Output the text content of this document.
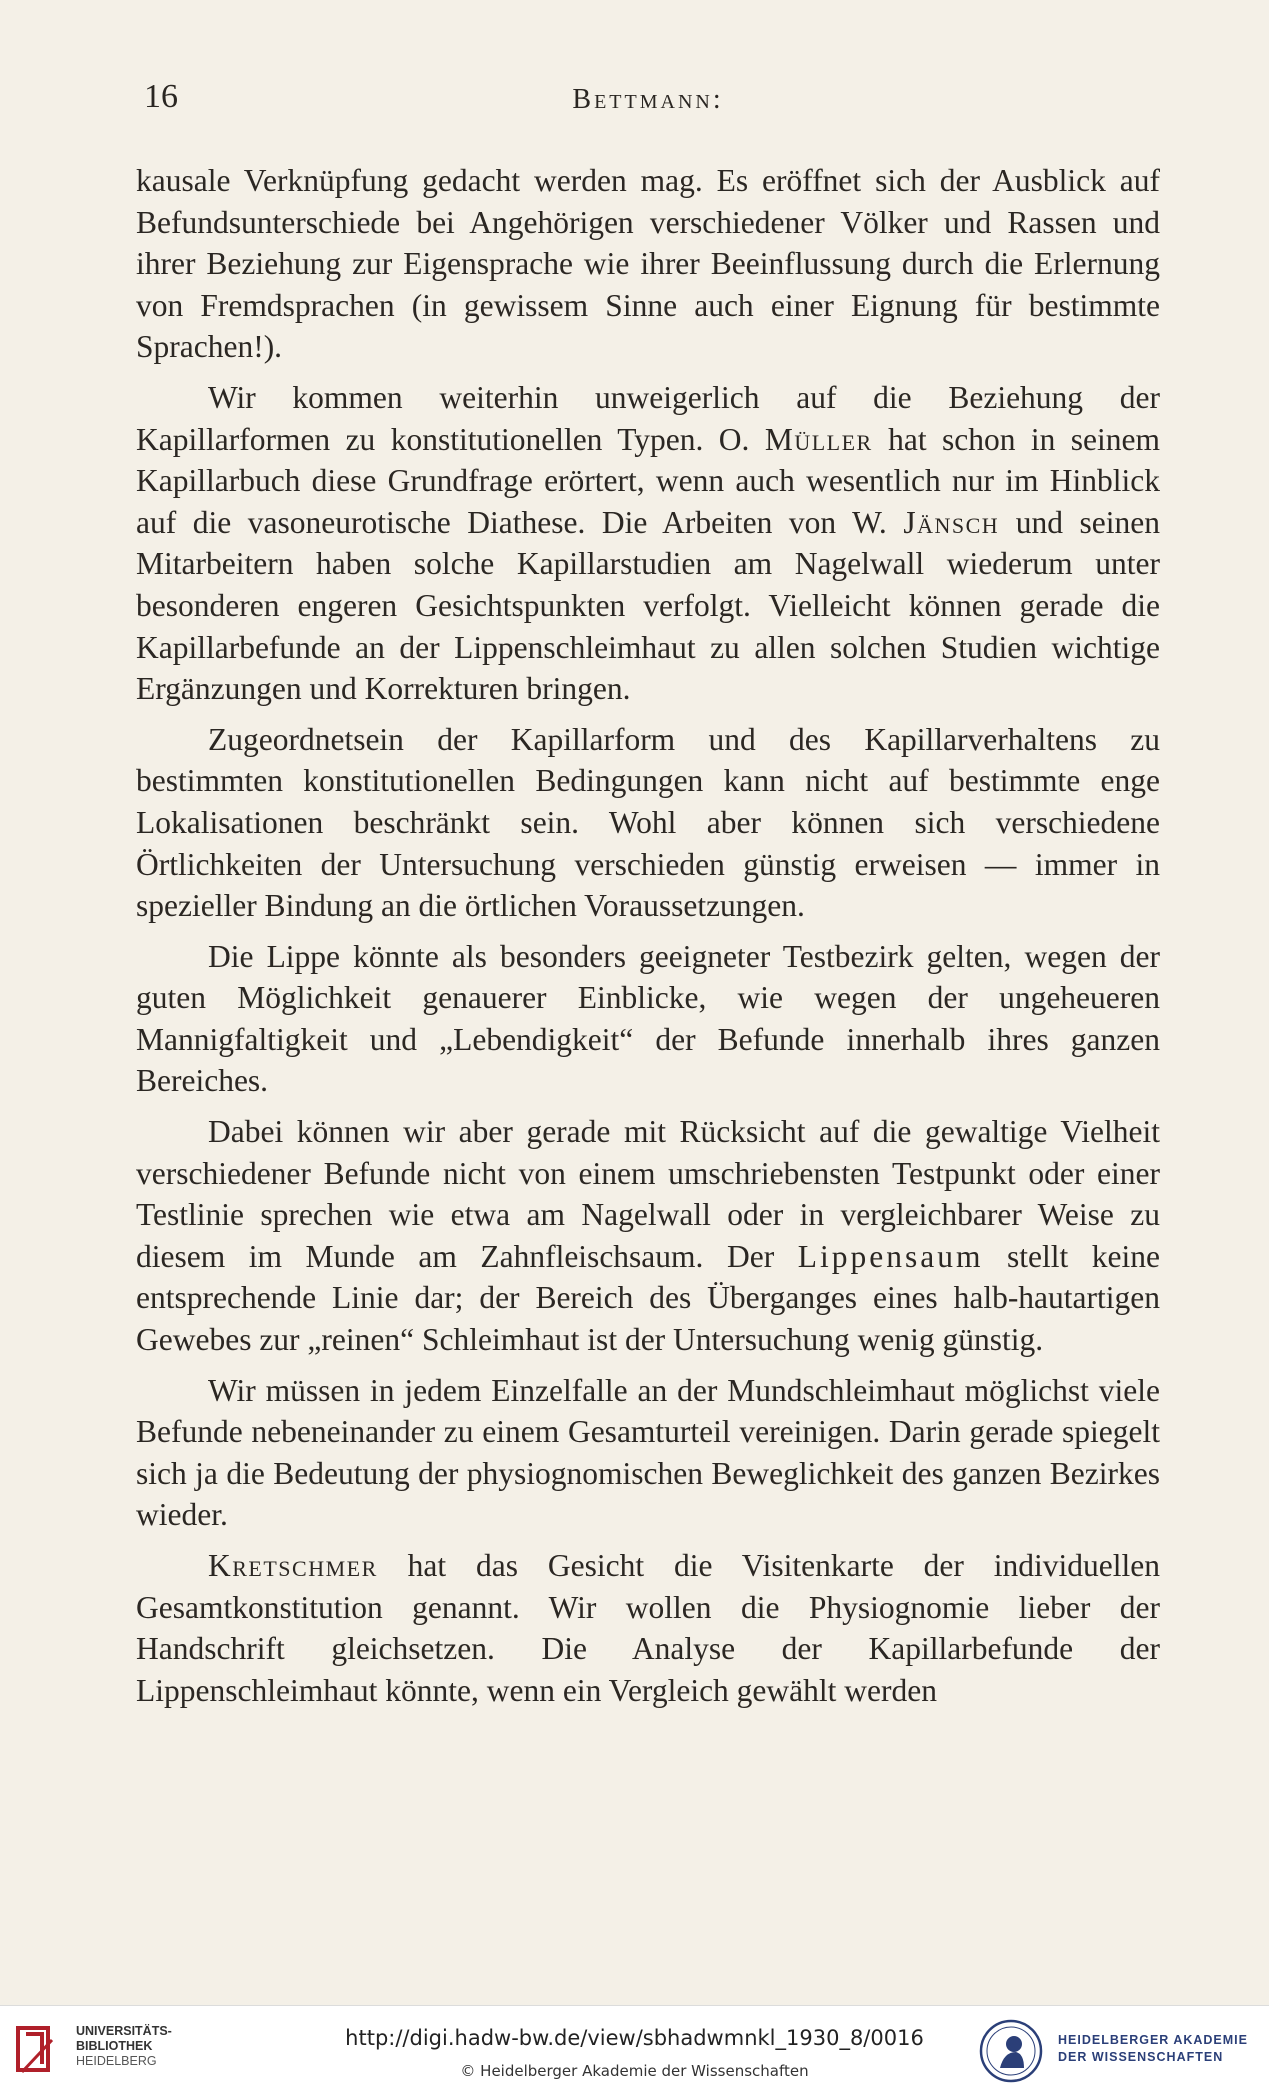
16	Bettmann:

kausale Verknüpfung gedacht werden mag. Es eröffnet sich der Ausblick auf Befundsunterschiede bei Angehörigen verschiedener Völker und Rassen und ihrer Beziehung zur Eigensprache wie ihrer Beeinflussung durch die Erlernung von Fremdsprachen (in gewissem Sinne auch einer Eignung für bestimmte Sprachen!).

Wir kommen weiterhin unweigerlich auf die Beziehung der Kapillarformen zu konstitutionellen Typen. O. Müller hat schon in seinem Kapillarbuch diese Grundfrage erörtert, wenn auch wesentlich nur im Hinblick auf die vasoneurotische Diathese. Die Arbeiten von W. Jänsch und seinen Mitarbeitern haben solche Kapillarstudien am Nagelwall wiederum unter besonderen engeren Gesichtspunkten verfolgt. Vielleicht können gerade die Kapillarbefunde an der Lippenschleimhaut zu allen solchen Studien wichtige Ergänzungen und Korrekturen bringen.

Zugeordnetsein der Kapillarform und des Kapillarverhaltens zu bestimmten konstitutionellen Bedingungen kann nicht auf bestimmte enge Lokalisationen beschränkt sein. Wohl aber können sich verschiedene Örtlichkeiten der Untersuchung verschieden günstig erweisen — immer in spezieller Bindung an die örtlichen Voraussetzungen.

Die Lippe könnte als besonders geeigneter Testbezirk gelten, wegen der guten Möglichkeit genauerer Einblicke, wie wegen der ungeheueren Mannigfaltigkeit und „Lebendigkeit“ der Befunde innerhalb ihres ganzen Bereiches.

Dabei können wir aber gerade mit Rücksicht auf die gewaltige Vielheit verschiedener Befunde nicht von einem umschriebensten Testpunkt oder einer Testlinie sprechen wie etwa am Nagelwall oder in vergleichbarer Weise zu diesem im Munde am Zahnfleischsaum. Der Lippensaum stellt keine entsprechende Linie dar; der Bereich des Überganges eines halb-hautartigen Gewebes zur „reinen“ Schleimhaut ist der Untersuchung wenig günstig.

Wir müssen in jedem Einzelfalle an der Mundschleimhaut möglichst viele Befunde nebeneinander zu einem Gesamturteil vereinigen. Darin gerade spiegelt sich ja die Bedeutung der physiognomischen Beweglichkeit des ganzen Bezirkes wieder.

Kretschmer hat das Gesicht die Visitenkarte der individuellen Gesamtkonstitution genannt. Wir wollen die Physiognomie lieber der Handschrift gleichsetzen. Die Analyse der Kapillarbefunde der Lippenschleimhaut könnte, wenn ein Vergleich gewählt werden

UNIVERSITÄTS-
BIBLIOTHEK
HEIDELBERG
http://digi.hadw-bw.de/view/sbhadwmnkl_1930_8/0016
© Heidelberger Akademie der Wissenschaften
HEIDELBERGER AKADEMIE
DER WISSENSCHAFTEN
